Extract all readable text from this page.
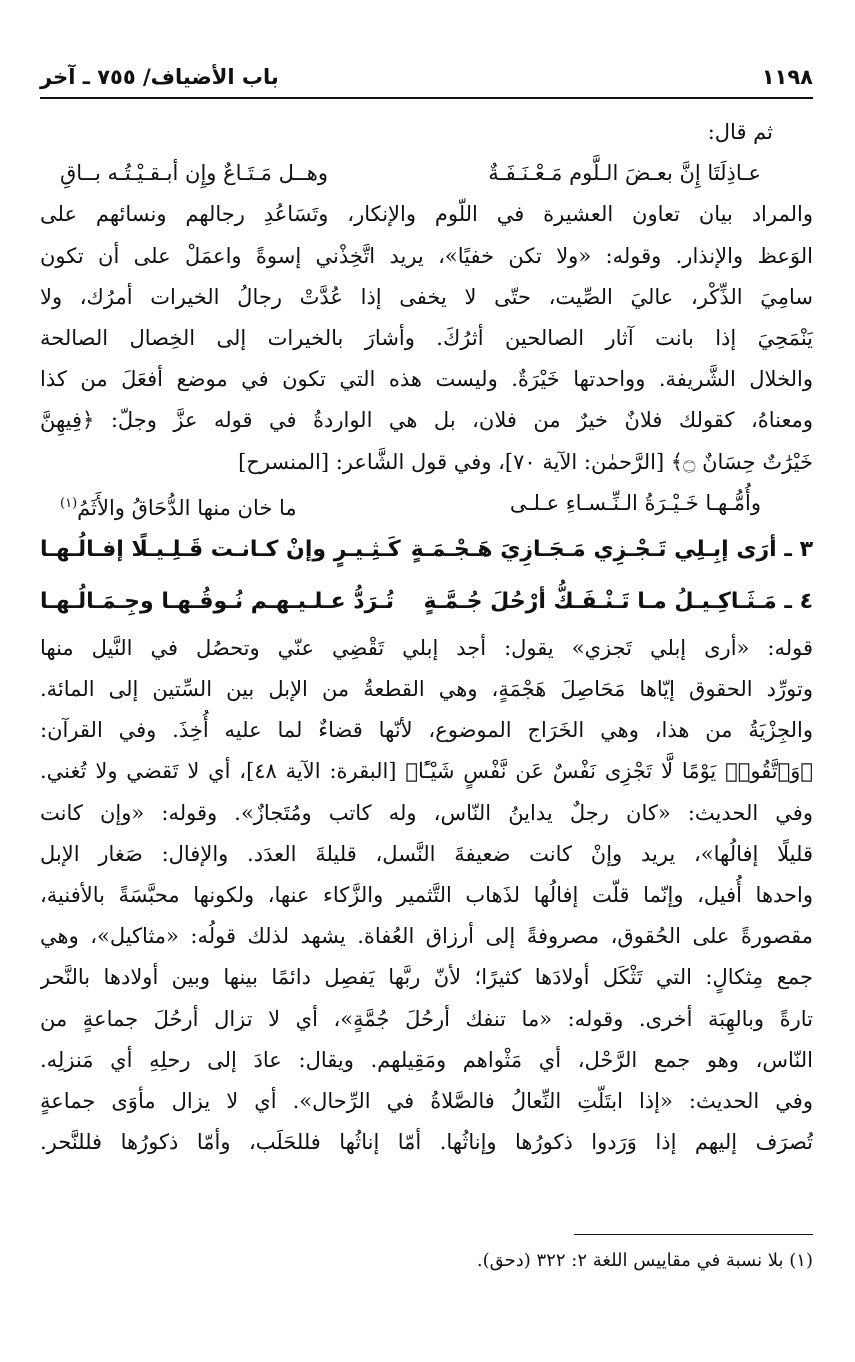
١١٩٨
باب الأضياف/ ٧٥٥ ـ آخر
ثم قال:
عـاذِلَتَا إِنَّ بعـضَ الـلَّوم مَـعْـنَـفَـةٌ
وهــل مَـتَـاعٌ وإِن أبـقـيْـتُـه بــاقِ
والمراد بيان تعاون العشيرة في اللّوم والإنكار، وتَسَاعُدِ رجالهم ونسائهم على
الوَعظ والإنذار. وقوله: «ولا تكن خفيًا»، يريد اتَّخِذْني إسوةً واعمَلْ على أن تكون
سامِيَ الذِّكْر، عاليَ الصِّيت، حتّى لا يخفى إذا عُدَّتْ رجالُ الخيرات أمرُك، ولا
يَنْمَحِيَ إذا بانت آثار الصالحين أثرُكَ. وأشارَ بالخيرات إلى الخِصال الصالحة
والخلال الشَّريفة. وواحدتها خَيْرَةٌ. وليست هذه التي تكون في موضع أفعَلَ من كذا
ومعناهُ، كقولك فلانٌ خيرٌ من فلان، بل هي الواردةُ في قوله عزَّ وجلّ: ﴿فِيهِنَّ
خَيْرَٰتٌ حِسَانٌ ۝﴾ [الرَّحمٰن: الآية ٧٠]، وفي قول الشَّاعر: [المنسرح]
وأُمُّـهـا خَـيْـرَةُ الـنِّـسـاءِ عـلـى
ما خان منها الدُّحَاقُ والأَثَمُ$^{(١)}$
٣ ـ أرَى إبِـلِي تَـجْـزِي مَـجَـازِيَ هَـجْـمَـةٍ
كَـثِـيـرٍ وإنْ كـانـت قَـلِـيـلًا إفـالُـهـا
٤ ـ مَـثَـاكِـيـلُ مـا تَـنْـفَـكُّ أرْحُلَ جُـمَّـةٍ
تُـرَدُّ عـلـيـهـم نُـوقُـهـا وجِـمَـالُـهـا
قوله: «أرى إبلي تَجزي» يقول: أجد إبلي تَقْضِي عنّي وتحصُل في النَّيل منها
وتورِّد الحقوق إيّاها مَحَاصِلَ هَجْمَةٍ، وهي القطعةُ من الإبل بين السِّتين إلى المائة.
والجِزْيَةُ من هذا، وهي الخَرَاج الموضوع، لأنّها قضاءٌ لما عليه أُخِذَ. وفي القرآن:
﴿وَٱتَّقُوا۟ يَوْمًا لَّا تَجْزِى نَفْسٌ عَن نَّفْسٍ شَيْـًٔا﴾ [البقرة: الآية ٤٨]، أي لا تَقضي ولا تُغني.
وفي الحديث: «كان رجلٌ يداينُ النّاس، وله كاتب ومُتَجازٌ». وقوله: «وإن كانت
قليلًا إفالُها»، يريد وإنْ كانت ضعيفةَ النَّسل، قليلةَ العدَد. والإفال: صَغار الإبل
واحدها أُفيل، وإنّما قلّت إفالُها لذَهاب التَّثمير والزَّكاء عنها، ولكونها محبَّسَةً بالأفنية،
مقصورةً على الحُقوق، مصروفةً إلى أرزاق العُفاة. يشهد لذلك قولُه: «مثاكيل»، وهي
جمع مِثكالٍ: التي تَثْكَل أولادَها كثيرًا؛ لأنّ ربَّها يَفصِل دائمًا بينها وبين أولادها بالنَّحر
تارةً وبالهِبَة أخرى. وقوله: «ما تنفك أرحُلَ جُمَّةٍ»، أي لا تزال أرحُلَ جماعةٍ من
النّاس، وهو جمع الرَّحْل، أي مَثْواهم ومَقِيلهم. ويقال: عادَ إلى رحلِهِ أي مَنزلِه.
وفي الحديث: «إذا ابتَلّتِ النِّعالُ فالصَّلاةُ في الرِّحال». أي لا يزال مأوَى جماعةٍ
تُصرَف إليهم إذا وَرَدوا ذكورُها وإناثُها. أمّا إناثُها فللحَلَب، وأمّا ذكورُها فللنَّحر.
(١) بلا نسبة في مقاييس اللغة ٢: ٣٢٢ (دحق).
